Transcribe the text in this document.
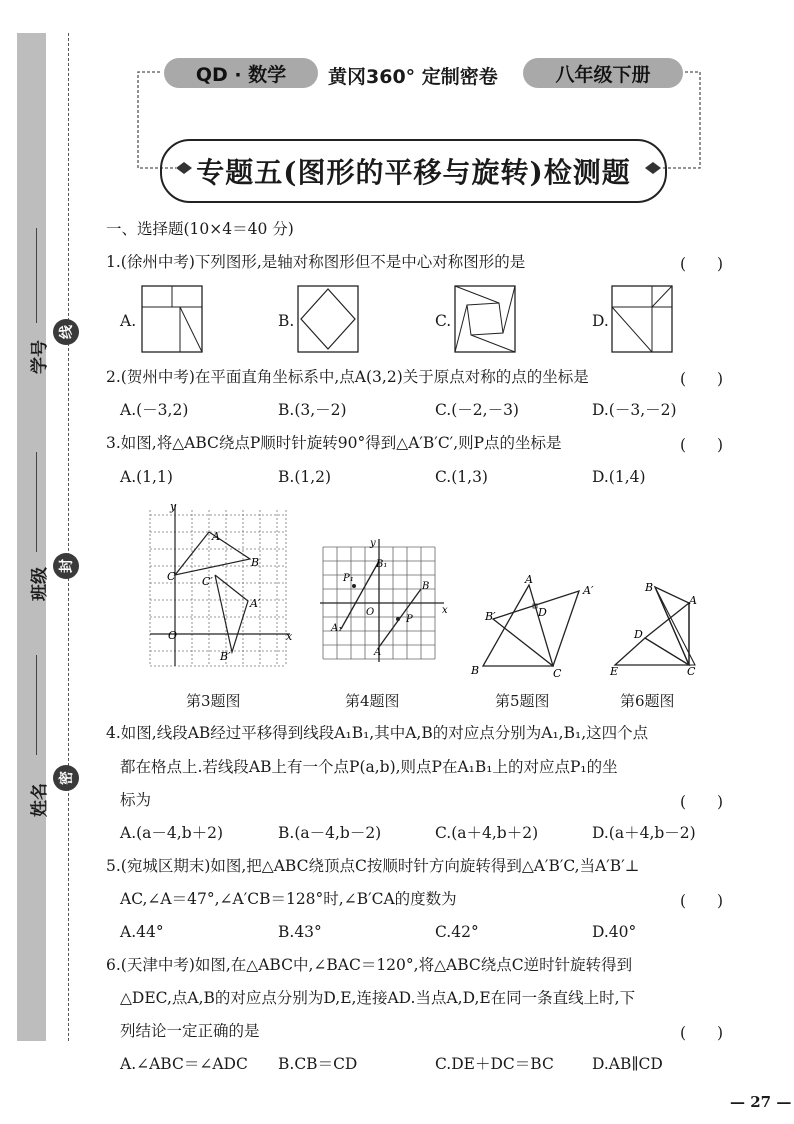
线
封
密
学号
班级
姓名
QD · 数学	黄冈360° 定制密卷	八年级下册
专题五(图形的平移与旋转)检测题
一、选择题(10×4＝40 分)
1.(徐州中考)下列图形,是轴对称图形但不是中心对称图形的是	(　　)
A.	B.	C.	D.
2.(贺州中考)在平面直角坐标系中,点A(3,2)关于原点对称的点的坐标是	(　　)
A.(－3,2)	B.(3,－2)	C.(－2,－3)	D.(－3,－2)
3.如图,将△ABC绕点P顺时针旋转90°得到△A′B′C′,则P点的坐标是	(　　)
A.(1,1)	B.(1,2)	C.(1,3)	D.(1,4)
y
x
O
A
B
C
A′
B′
C′
y
x
O
B₁
P₁
A₁
B
P
A
A
A′
B′	D
B	C
B
A
D
E	C
第3题图	第4题图	第5题图	第6题图
4.如图,线段AB经过平移得到线段A₁B₁,其中A,B的对应点分别为A₁,B₁,这四个点
都在格点上.若线段AB上有一个点P(a,b),则点P在A₁B₁上的对应点P₁的坐
标为	(　　)
A.(a－4,b＋2)	B.(a－4,b－2)	C.(a＋4,b＋2)	D.(a＋4,b－2)
5.(宛城区期末)如图,把△ABC绕顶点C按顺时针方向旋转得到△A′B′C,当A′B′⊥
AC,∠A＝47°,∠A′CB＝128°时,∠B′CA的度数为	(　　)
A.44°	B.43°	C.42°	D.40°
6.(天津中考)如图,在△ABC中,∠BAC＝120°,将△ABC绕点C逆时针旋转得到
△DEC,点A,B的对应点分别为D,E,连接AD.当点A,D,E在同一条直线上时,下
列结论一定正确的是	(　　)
A.∠ABC＝∠ADC B.CB＝CD	C.DE＋DC＝BC D.AB∥CD
— 27 —
